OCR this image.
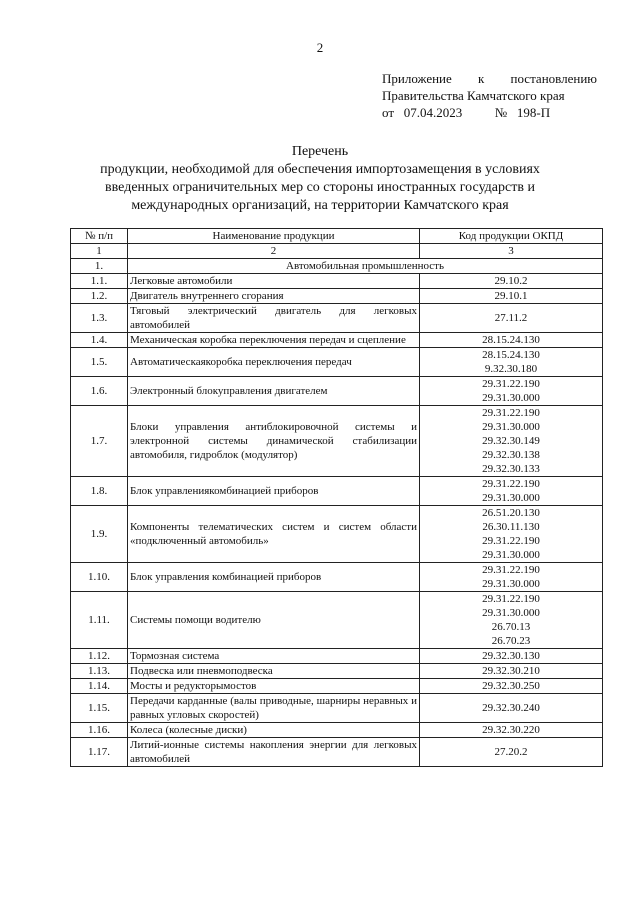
2
Приложение к постановлению
Правительства Камчатского края
от   07.04.2023          №   198-П
Перечень
продукции, необходимой для обеспечения импортозамещения в условиях
введенных ограничительных мер со стороны иностранных государств и
международных организаций, на территории Камчатского края
№ п/п	Наименование продукции	Код продукции ОКПД
1	2	3
1.	Автомобильная промышленность	
1.1.	Легковые автомобили	29.10.2

1.2.	Двигатель внутреннего сгорания	29.10.1

1.3.	Тяговый электрический двигатель для легковых автомобилей	27.11.2

1.4.	Механическая коробка переключения передач и сцепление	28.15.24.130

1.5.	Автоматическаякоробка переключения передач	28.15.24.130
9.32.30.180

1.6.	Электронный блокуправления двигателем	29.31.22.190
29.31.30.000

1.7.	Блоки управления антиблокировочной системы и электронной системы динамической стабилизации автомобиля, гидроблок (модулятор)	29.31.22.190
29.31.30.000
29.32.30.149
29.32.30.138
29.32.30.133

1.8.	Блок управлениякомбинацией приборов	29.31.22.190
29.31.30.000

1.9.	Компоненты телематических систем и систем области «подключенный автомобиль»	26.51.20.130
26.30.11.130
29.31.22.190
29.31.30.000

1.10.	Блок управления комбинацией приборов	29.31.22.190
29.31.30.000

1.11.	Системы помощи водителю	29.31.22.190
29.31.30.000
26.70.13
26.70.23

1.12.	Тормозная система	29.32.30.130

1.13.	Подвеска или пневмоподвеска	29.32.30.210

1.14.	Мосты и редукторымостов	29.32.30.250

1.15.	Передачи карданные (валы приводные, шарниры неравных и равных угловых скоростей)	29.32.30.240

1.16.	Колеса (колесные диски)	29.32.30.220

1.17.	Литий-ионные системы накопления энергии для легковых автомобилей	27.20.2
